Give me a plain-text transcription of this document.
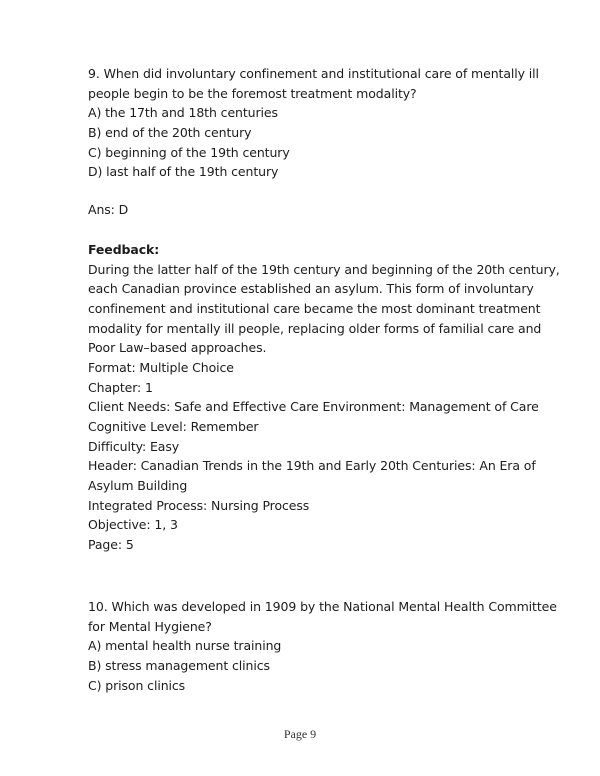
9. When did involuntary confinement and institutional care of mentally ill
people begin to be the foremost treatment modality?
A) the 17th and 18th centuries
B) end of the 20th century
C) beginning of the 19th century
D) last half of the 19th century
Ans: D
Feedback:
During the latter half of the 19th century and beginning of the 20th century,
each Canadian province established an asylum. This form of involuntary
confinement and institutional care became the most dominant treatment
modality for mentally ill people, replacing older forms of familial care and
Poor Law–based approaches.
Format: Multiple Choice
Chapter: 1
Client Needs: Safe and Effective Care Environment: Management of Care
Cognitive Level: Remember
Difficulty: Easy
Header: Canadian Trends in the 19th and Early 20th Centuries: An Era of
Asylum Building
Integrated Process: Nursing Process
Objective: 1, 3
Page: 5
10. Which was developed in 1909 by the National Mental Health Committee
for Mental Hygiene?
A) mental health nurse training
B) stress management clinics
C) prison clinics
Page 9
